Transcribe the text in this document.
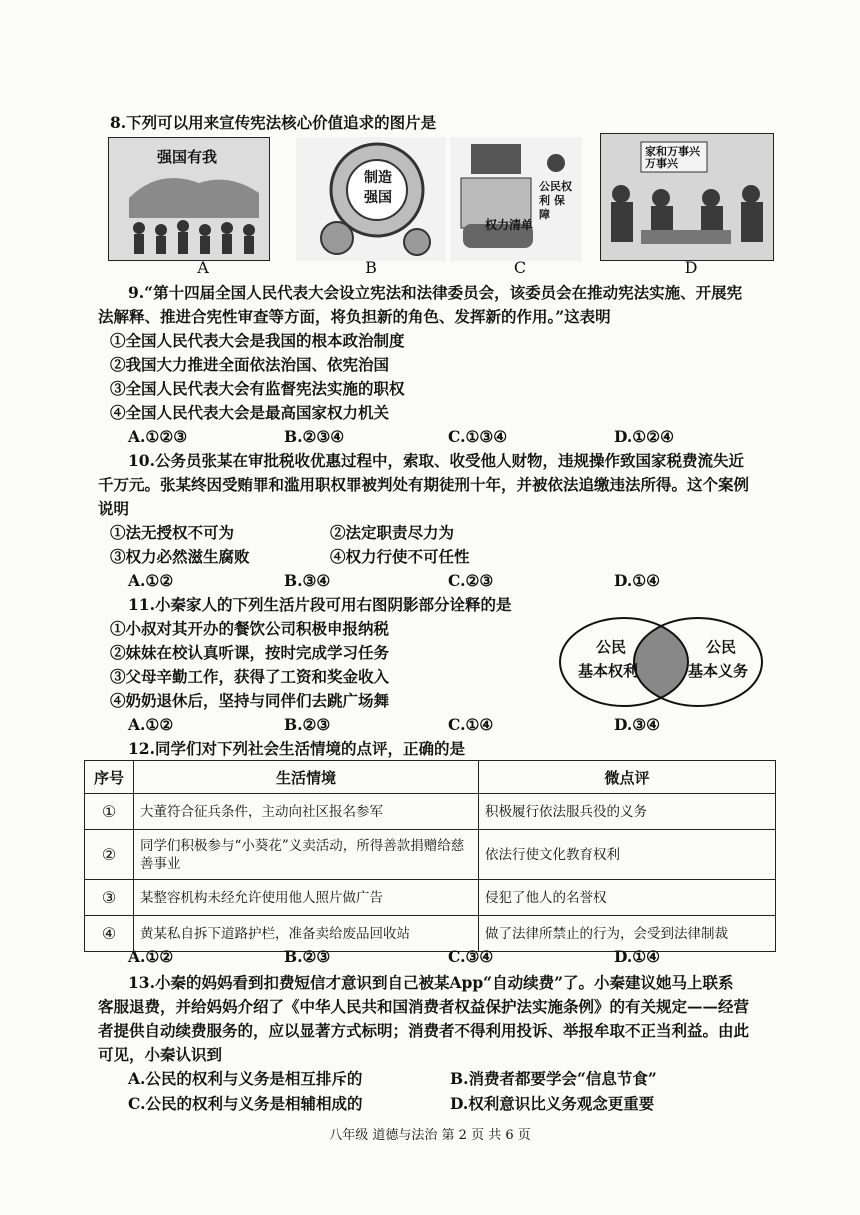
8.下列可以用来宣传宪法核心价值追求的图片是
强国有我
A
制造强国
B
权力清单
公民权利 保障
C
家和万事兴 万事兴
D
9.“第十四届全国人民代表大会设立宪法和法律委员会，该委员会在推动宪法实施、开展宪
法解释、推进合宪性审查等方面，将负担新的角色、发挥新的作用。”这表明
①全国人民代表大会是我国的根本政治制度
②我国大力推进全面依法治国、依宪治国
③全国人民代表大会有监督宪法实施的职权
④全国人民代表大会是最高国家权力机关
A.①②③	B.②③④	C.①③④	D.①②④
10.公务员张某在审批税收优惠过程中，索取、收受他人财物，违规操作致国家税费流失近
千万元。张某终因受贿罪和滥用职权罪被判处有期徒刑十年，并被依法追缴违法所得。这个案例
说明
①法无授权不可为	②法定职责尽力为
③权力必然滋生腐败	④权力行使不可任性
A.①②	B.③④	C.②③	D.①④
11.小秦家人的下列生活片段可用右图阴影部分诠释的是
①小叔对其开办的餐饮公司积极申报纳税
②妹妹在校认真听课，按时完成学习任务
③父母辛勤工作，获得了工资和奖金收入
④奶奶退休后，坚持与同伴们去跳广场舞
A.①②	B.②③	C.①④	D.③④
公民
基本权利
公民
基本义务
12.同学们对下列社会生活情境的点评，正确的是
序号	生活情境	微点评
①	大董符合征兵条件，主动向社区报名参军	积极履行依法服兵役的义务
②	同学们积极参与“小葵花”义卖活动，所得善款捐赠给慈善事业	依法行使文化教育权利
③	某整容机构未经允许使用他人照片做广告	侵犯了他人的名誉权
④	黄某私自拆下道路护栏，准备卖给废品回收站	做了法律所禁止的行为，会受到法律制裁
A.①②	B.②③	C.③④	D.①④
13.小秦的妈妈看到扣费短信才意识到自己被某App“自动续费”了。小秦建议她马上联系
客服退费，并给妈妈介绍了《中华人民共和国消费者权益保护法实施条例》的有关规定——经营
者提供自动续费服务的，应以显著方式标明；消费者不得利用投诉、举报牟取不正当利益。由此
可见，小秦认识到
A.公民的权利与义务是相互排斥的	B.消费者都要学会“信息节食”
C.公民的权利与义务是相辅相成的	D.权利意识比义务观念更重要
八年级 道德与法治 第 2 页 共 6 页
